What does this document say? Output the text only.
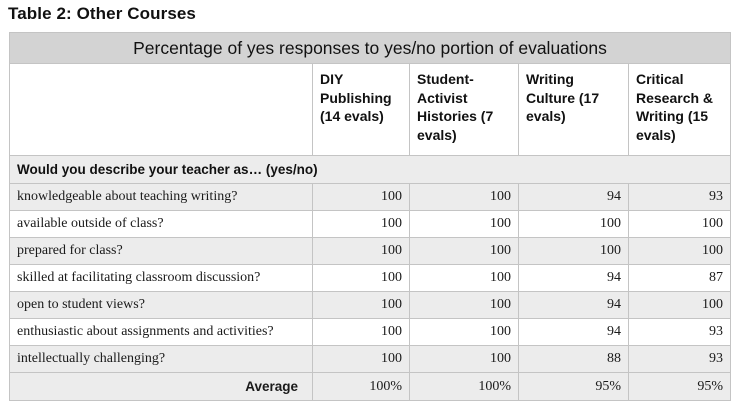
Table 2: Other Courses
Percentage of yes responses to yes/no portion of evaluations				
	DIY Publishing (14 evals)	Student-Activist Histories (7 evals)	Writing Culture (17 evals)	Critical Research & Writing (15 evals)
Would you describe your teacher as… (yes/no)				
knowledgeable about teaching writing?	100	100	94	93
available outside of class?	100	100	100	100
prepared for class?	100	100	100	100
skilled at facilitating classroom discussion?	100	100	94	87
open to student views?	100	100	94	100
enthusiastic about assignments and activities?	100	100	94	93
intellectually challenging?	100	100	88	93
Average	100%	100%	95%	95%
